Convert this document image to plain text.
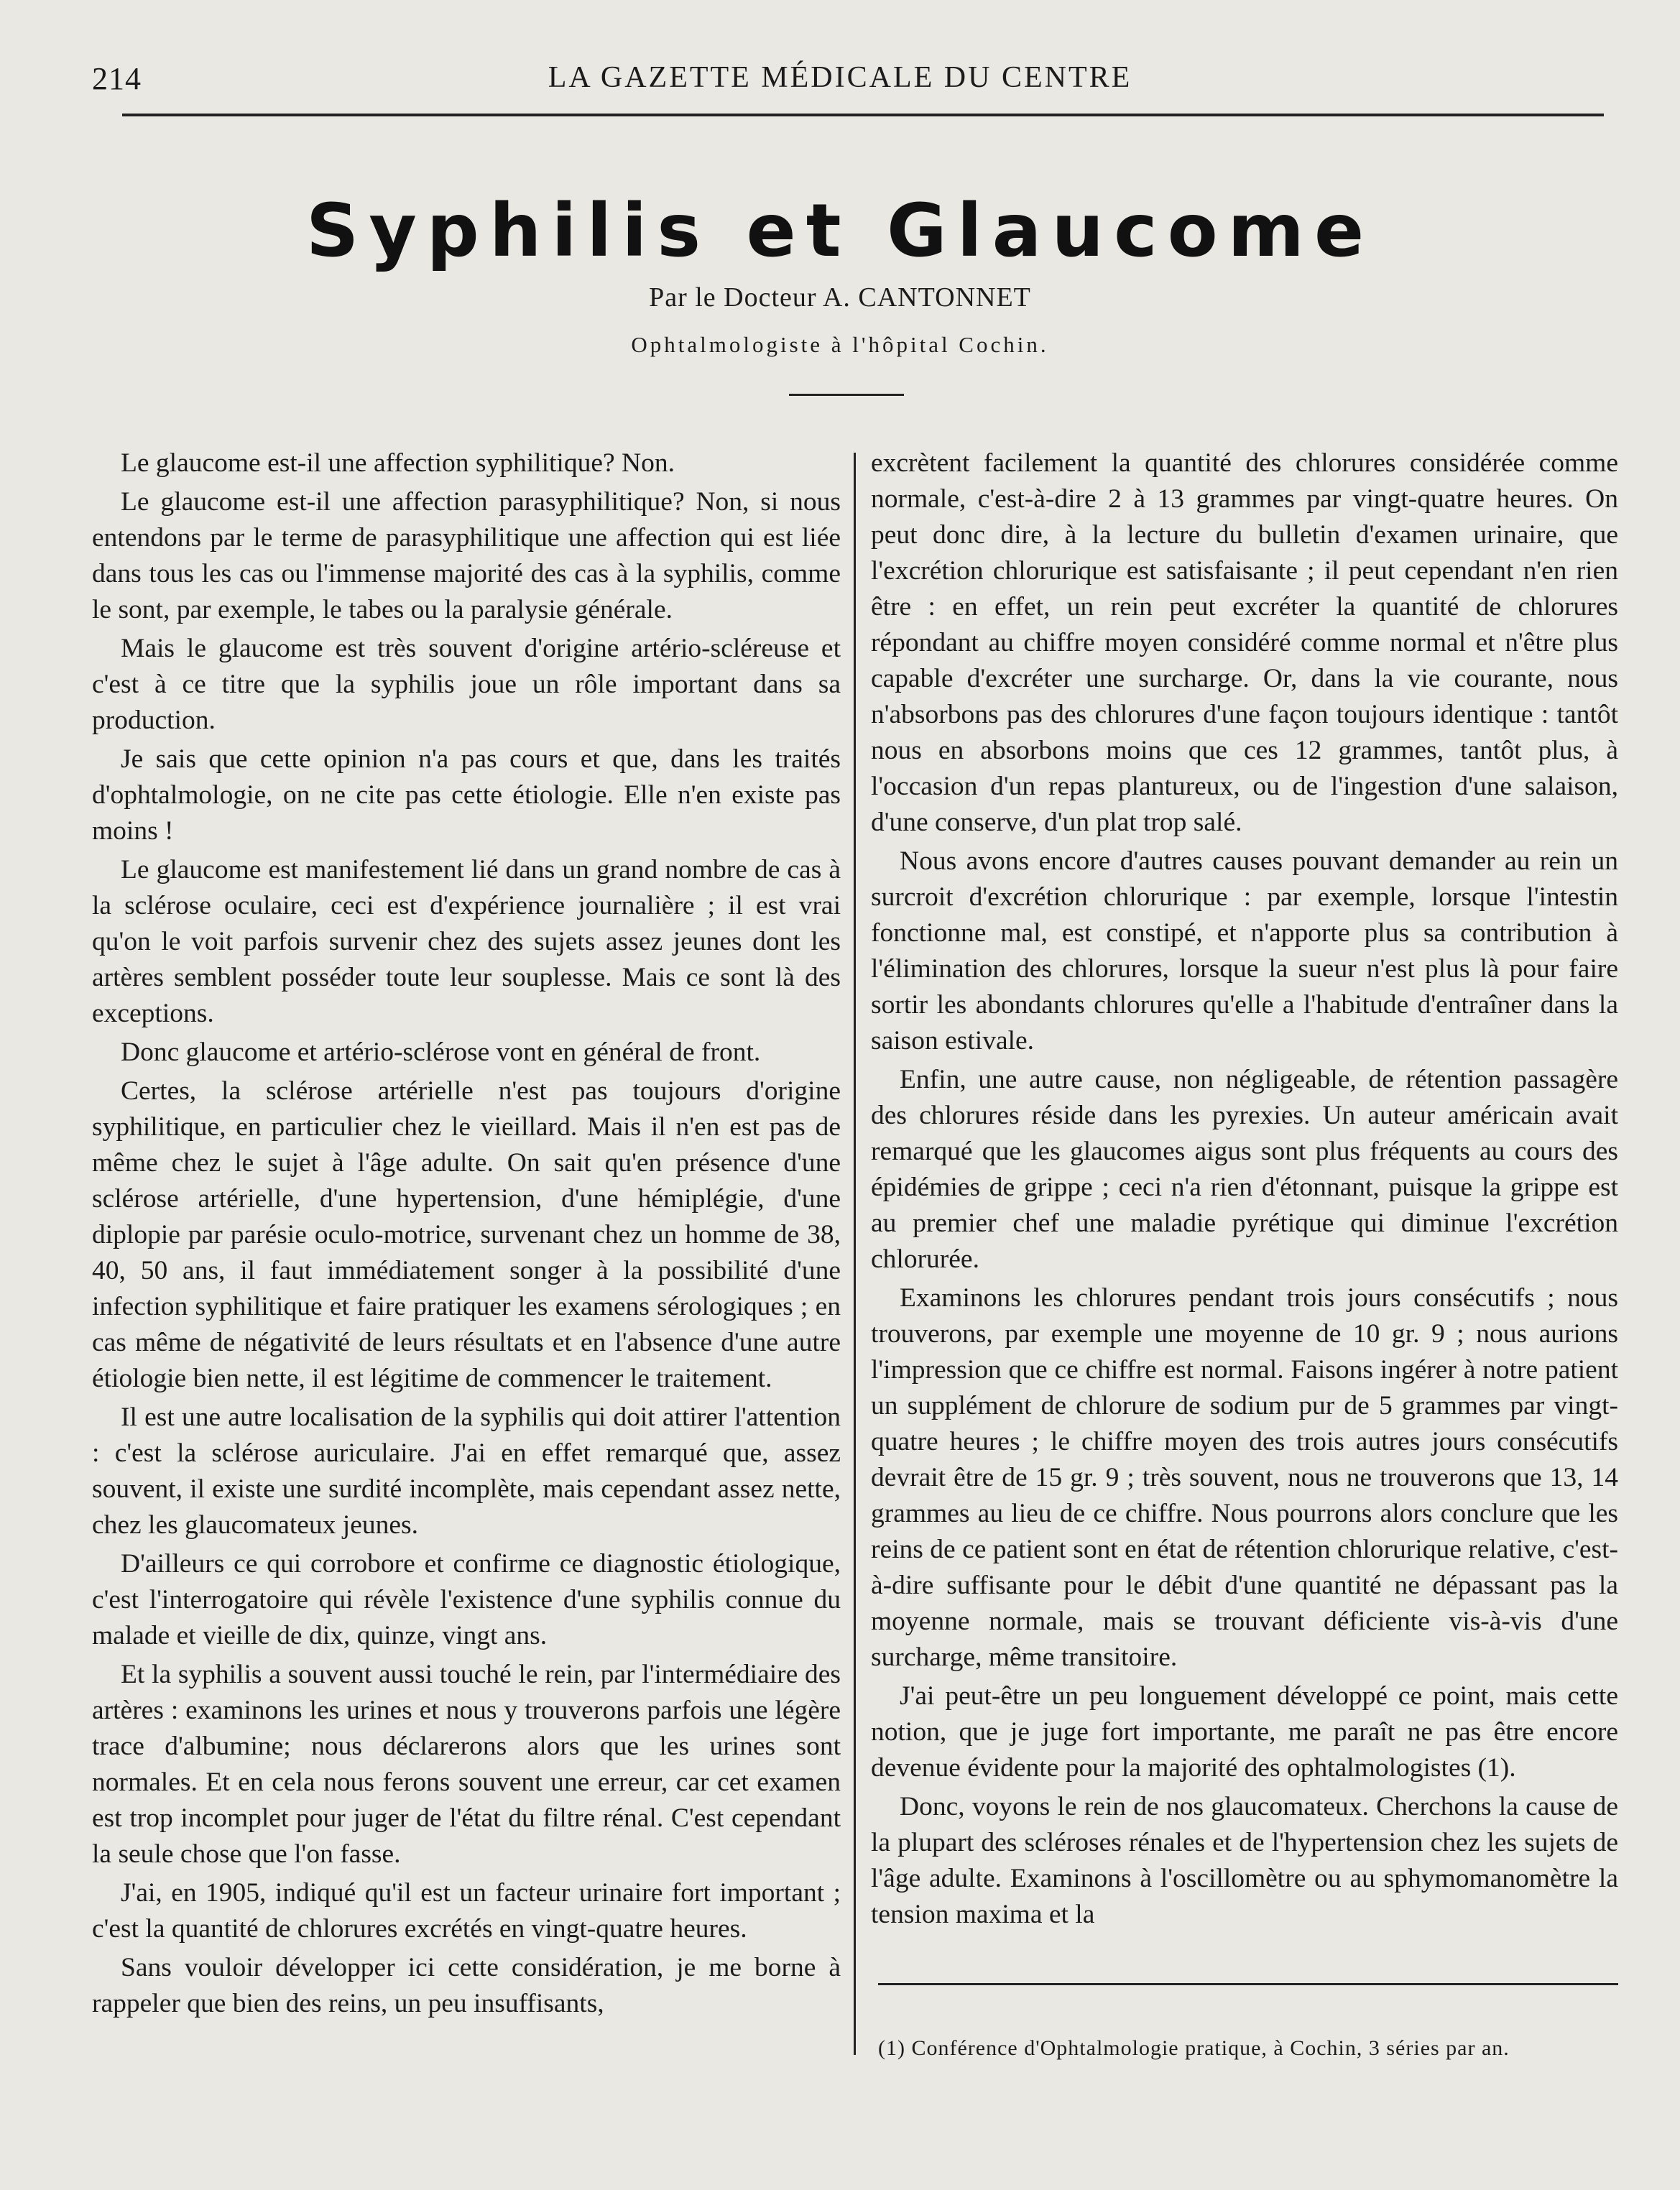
214	LA GAZETTE MÉDICALE DU CENTRE
Syphilis et Glaucome
Par le Docteur A. CANTONNET
Ophtalmologiste à l'hôpital Cochin.

Le glaucome est-il une affection syphilitique? Non.

Le glaucome est-il une affection parasyphilitique? Non, si nous entendons par le terme de parasyphilitique une affection qui est liée dans tous les cas ou l'immense majorité des cas à la syphilis, comme le sont, par exemple, le tabes ou la paralysie générale.

Mais le glaucome est très souvent d'origine artério-scléreuse et c'est à ce titre que la syphilis joue un rôle important dans sa production.

Je sais que cette opinion n'a pas cours et que, dans les traités d'ophtalmologie, on ne cite pas cette étiologie. Elle n'en existe pas moins !

Le glaucome est manifestement lié dans un grand nombre de cas à la sclérose oculaire, ceci est d'expérience journalière ; il est vrai qu'on le voit parfois survenir chez des sujets assez jeunes dont les artères semblent posséder toute leur souplesse. Mais ce sont là des exceptions.

Donc glaucome et artério-sclérose vont en général de front.

Certes, la sclérose artérielle n'est pas toujours d'origine syphilitique, en particulier chez le vieillard. Mais il n'en est pas de même chez le sujet à l'âge adulte. On sait qu'en présence d'une sclérose artérielle, d'une hypertension, d'une hémiplégie, d'une diplopie par parésie oculo-motrice, survenant chez un homme de 38, 40, 50 ans, il faut immédiatement songer à la possibilité d'une infection syphilitique et faire pratiquer les examens sérologiques ; en cas même de négativité de leurs résultats et en l'absence d'une autre étiologie bien nette, il est légitime de commencer le traitement.

Il est une autre localisation de la syphilis qui doit attirer l'attention : c'est la sclérose auriculaire. J'ai en effet remarqué que, assez souvent, il existe une surdité incomplète, mais cependant assez nette, chez les glaucomateux jeunes.

D'ailleurs ce qui corrobore et confirme ce diagnostic étiologique, c'est l'interrogatoire qui révèle l'existence d'une syphilis connue du malade et vieille de dix, quinze, vingt ans.

Et la syphilis a souvent aussi touché le rein, par l'intermédiaire des artères : examinons les urines et nous y trouverons parfois une légère trace d'albumine; nous déclarerons alors que les urines sont normales. Et en cela nous ferons souvent une erreur, car cet examen est trop incomplet pour juger de l'état du filtre rénal. C'est cependant la seule chose que l'on fasse.

J'ai, en 1905, indiqué qu'il est un facteur urinaire fort important ; c'est la quantité de chlorures excrétés en vingt-quatre heures.

Sans vouloir développer ici cette considération, je me borne à rappeler que bien des reins, un peu insuffisants,

excrètent facilement la quantité des chlorures considérée comme normale, c'est-à-dire 2 à 13 grammes par vingt-quatre heures. On peut donc dire, à la lecture du bulletin d'examen urinaire, que l'excrétion chlorurique est satisfaisante ; il peut cependant n'en rien être : en effet, un rein peut excréter la quantité de chlorures répondant au chiffre moyen considéré comme normal et n'être plus capable d'excréter une surcharge. Or, dans la vie courante, nous n'absorbons pas des chlorures d'une façon toujours identique : tantôt nous en absorbons moins que ces 12 grammes, tantôt plus, à l'occasion d'un repas plantureux, ou de l'ingestion d'une salaison, d'une conserve, d'un plat trop salé.

Nous avons encore d'autres causes pouvant demander au rein un surcroit d'excrétion chlorurique : par exemple, lorsque l'intestin fonctionne mal, est constipé, et n'apporte plus sa contribution à l'élimination des chlorures, lorsque la sueur n'est plus là pour faire sortir les abondants chlorures qu'elle a l'habitude d'entraîner dans la saison estivale.

Enfin, une autre cause, non négligeable, de rétention passagère des chlorures réside dans les pyrexies. Un auteur américain avait remarqué que les glaucomes aigus sont plus fréquents au cours des épidémies de grippe ; ceci n'a rien d'étonnant, puisque la grippe est au premier chef une maladie pyrétique qui diminue l'excrétion chlorurée.

Examinons les chlorures pendant trois jours consécutifs ; nous trouverons, par exemple une moyenne de 10 gr. 9 ; nous aurions l'impression que ce chiffre est normal. Faisons ingérer à notre patient un supplément de chlorure de sodium pur de 5 grammes par vingt-quatre heures ; le chiffre moyen des trois autres jours consécutifs devrait être de 15 gr. 9 ; très souvent, nous ne trouverons que 13, 14 grammes au lieu de ce chiffre. Nous pourrons alors conclure que les reins de ce patient sont en état de rétention chlorurique relative, c'est-à-dire suffisante pour le débit d'une quantité ne dépassant pas la moyenne normale, mais se trouvant déficiente vis-à-vis d'une surcharge, même transitoire.

J'ai peut-être un peu longuement développé ce point, mais cette notion, que je juge fort importante, me paraît ne pas être encore devenue évidente pour la majorité des ophtalmologistes (1).

Donc, voyons le rein de nos glaucomateux. Cherchons la cause de la plupart des scléroses rénales et de l'hypertension chez les sujets de l'âge adulte. Examinons à l'oscillomètre ou au sphymomanomètre la tension maxima et la

(1) Conférence d'Ophtalmologie pratique, à Cochin, 3 séries par an.
